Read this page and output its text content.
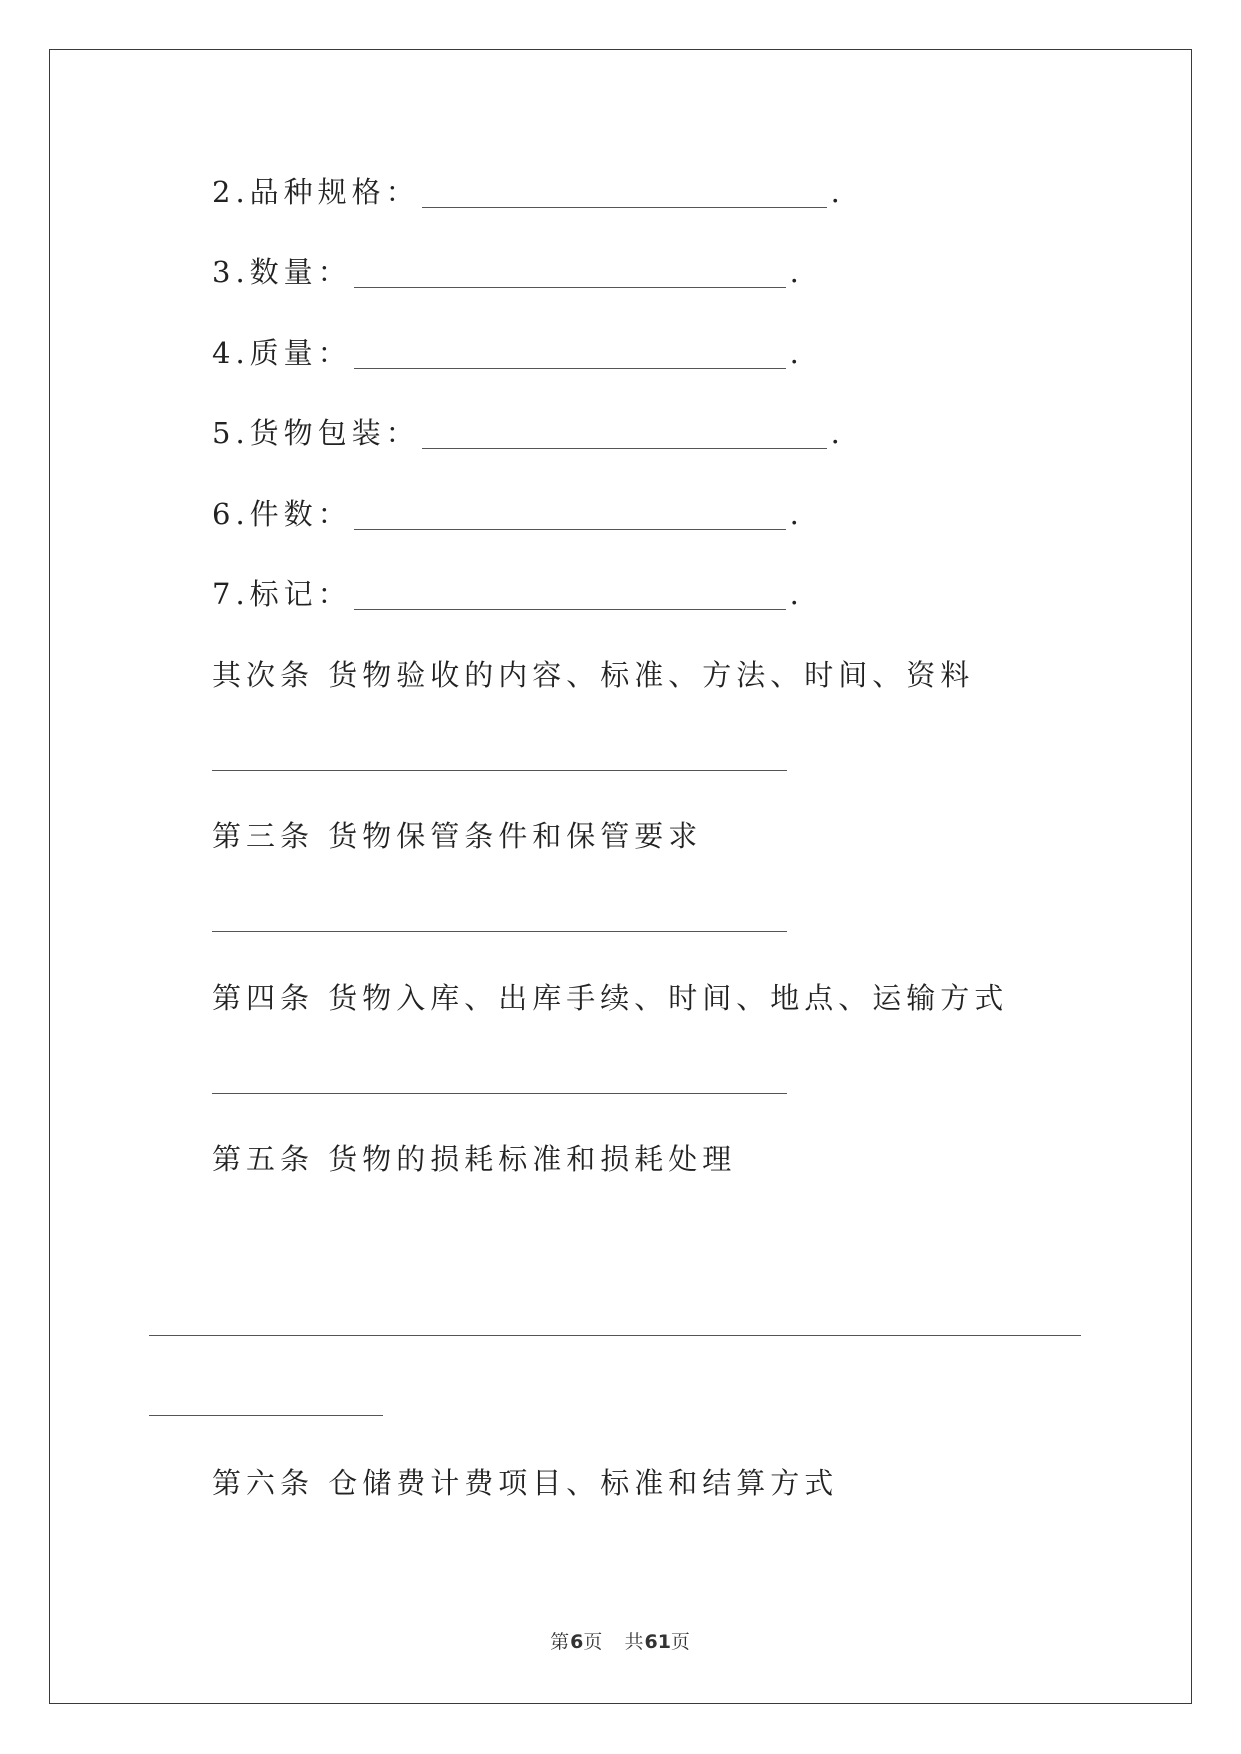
2.品种规格：	.
3.数量：	.
4.质量：	.
5.货物包装：	.
6.件数：	.
7.标记：	.
其次条 货物验收的内容、标准、方法、时间、资料
第三条 货物保管条件和保管要求
第四条 货物入库、出库手续、时间、地点、运输方式
第五条 货物的损耗标准和损耗处理
第六条 仓储费计费项目、标准和结算方式
第6页 共61页
